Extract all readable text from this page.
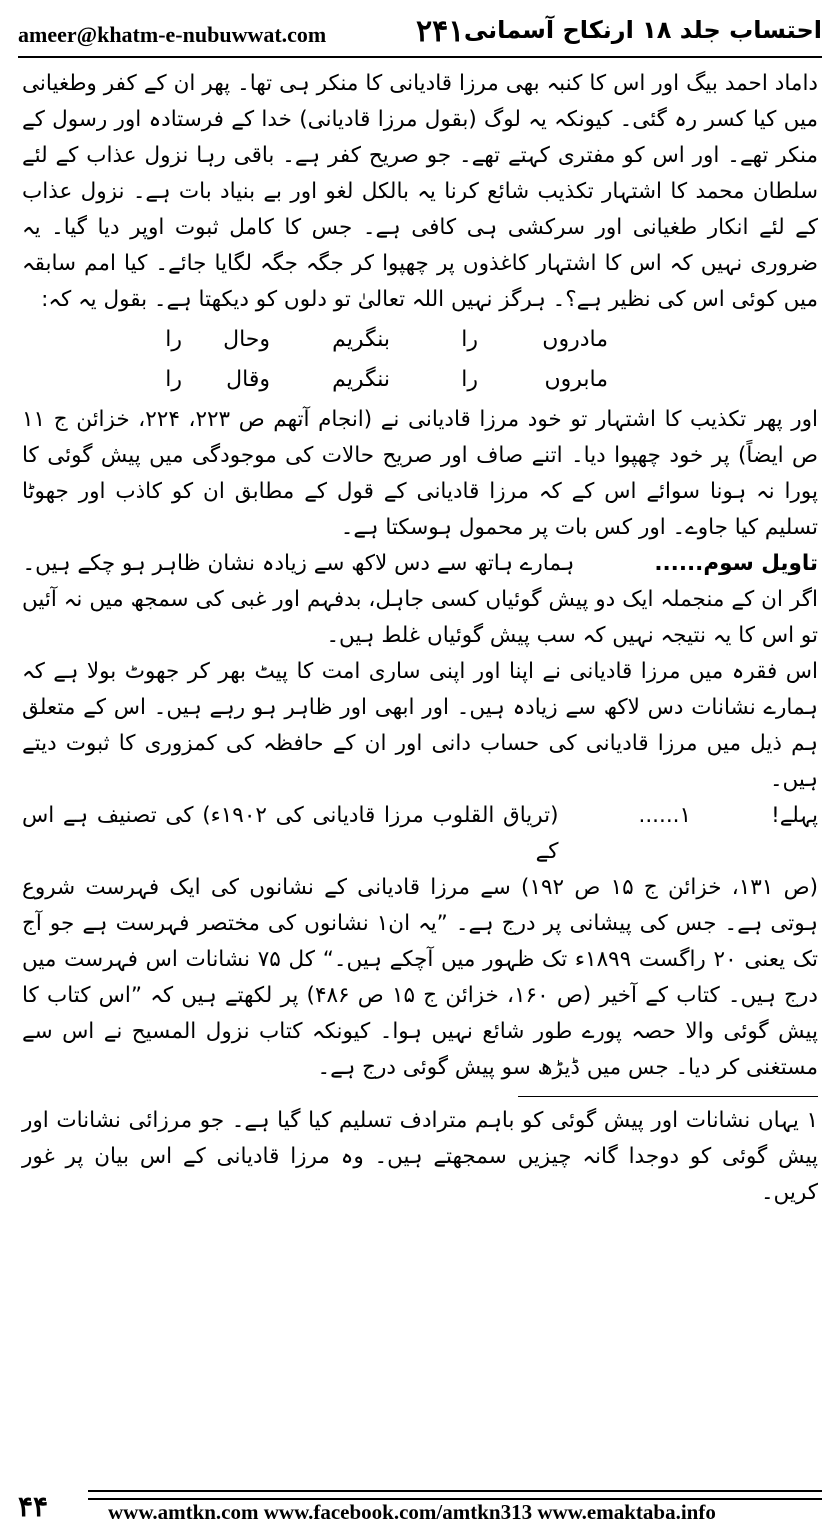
ameer@khatm-e-nubuwwat.com	۲۴۱ احتساب جلد ۱۸ ارنکاح آسمانی

داماد احمد بیگ اور اس کا کنبہ بھی مرزا قادیانی کا منکر ہی تھا۔ پھر ان کے کفر وطغیانی میں کیا کسر رہ گئی۔ کیونکہ یہ لوگ (بقول مرزا قادیانی) خدا کے فرستادہ اور رسول کے منکر تھے۔ اور اس کو مفتری کہتے تھے۔ جو صریح کفر ہے۔ باقی رہا نزول عذاب کے لئے سلطان محمد کا اشتہار تکذیب شائع کرنا یہ بالکل لغو اور بے بنیاد بات ہے۔ نزول عذاب کے لئے انکار طغیانی اور سرکشی ہی کافی ہے۔ جس کا کامل ثبوت اوپر دیا گیا۔ یہ ضروری نہیں کہ اس کا اشتہار کاغذوں پر چھپوا کر جگہ جگہ لگایا جائے۔ کیا امم سابقہ میں کوئی اس کی نظیر ہے؟۔ ہرگز نہیں اللہ تعالیٰ تو دلوں کو دیکھتا ہے۔ بقول یہ کہ:

مادروں
را
بنگریم
وحال
را
مابروں
را
ننگریم
وقال
را

اور پھر تکذیب کا اشتہار تو خود مرزا قادیانی نے (انجام آتھم ص ۲۲۳، ۲۲۴، خزائن ج ۱۱ ص ایضاً) پر خود چھپوا دیا۔ اتنے صاف اور صریح حالات کی موجودگی میں پیش گوئی کا پورا نہ ہونا سوائے اس کے کہ مرزا قادیانی کے قول کے مطابق ان کو کاذب اور جھوٹا تسلیم کیا جاوے۔ اور کس بات پر محمول ہوسکتا ہے۔

تاویل سوم......
ہمارے ہاتھ سے دس لاکھ سے زیادہ نشان ظاہر ہو چکے ہیں۔

اگر ان کے منجملہ ایک دو پیش گوئیاں کسی جاہل، بدفہم اور غبی کی سمجھ میں نہ آئیں تو اس کا یہ نتیجہ نہیں کہ سب پیش گوئیاں غلط ہیں۔

اس فقرہ میں مرزا قادیانی نے اپنا اور اپنی ساری امت کا پیٹ بھر کر جھوٹ بولا ہے کہ ہمارے نشانات دس لاکھ سے زیادہ ہیں۔ اور ابھی اور ظاہر ہو رہے ہیں۔ اس کے متعلق ہم ذیل میں مرزا قادیانی کی حساب دانی اور ان کے حافظہ کی کمزوری کا ثبوت دیتے ہیں۔

پہلے!
۱......
(تریاق القلوب مرزا قادیانی کی ۱۹۰۲ء) کی تصنیف ہے اس کے

(ص ۱۳۱، خزائن ج ۱۵ ص ۱۹۲) سے مرزا قادیانی کے نشانوں کی ایک فہرست شروع ہوتی ہے۔ جس کی پیشانی پر درج ہے۔ ”یہ ان۱ نشانوں کی مختصر فہرست ہے جو آج تک یعنی ۲۰ راگست ۱۸۹۹ء تک ظہور میں آچکے ہیں۔“ کل ۷۵ نشانات اس فہرست میں درج ہیں۔ کتاب کے آخیر (ص ۱۶۰، خزائن ج ۱۵ ص ۴۸۶) پر لکھتے ہیں کہ ”اس کتاب کا پیش گوئی والا حصہ پورے طور شائع نہیں ہوا۔ کیونکہ کتاب نزول المسیح نے اس سے مستغنی کر دیا۔ جس میں ڈیڑھ سو پیش گوئی درج ہے۔

۱ یہاں نشانات اور پیش گوئی کو باہم مترادف تسلیم کیا گیا ہے۔ جو مرزائی نشانات اور پیش گوئی کو دوجدا گانہ چیزیں سمجھتے ہیں۔ وہ مرزا قادیانی کے اس بیان پر غور کریں۔

۴۴	www.amtkn.com www.facebook.com/amtkn313 www.emaktaba.info
